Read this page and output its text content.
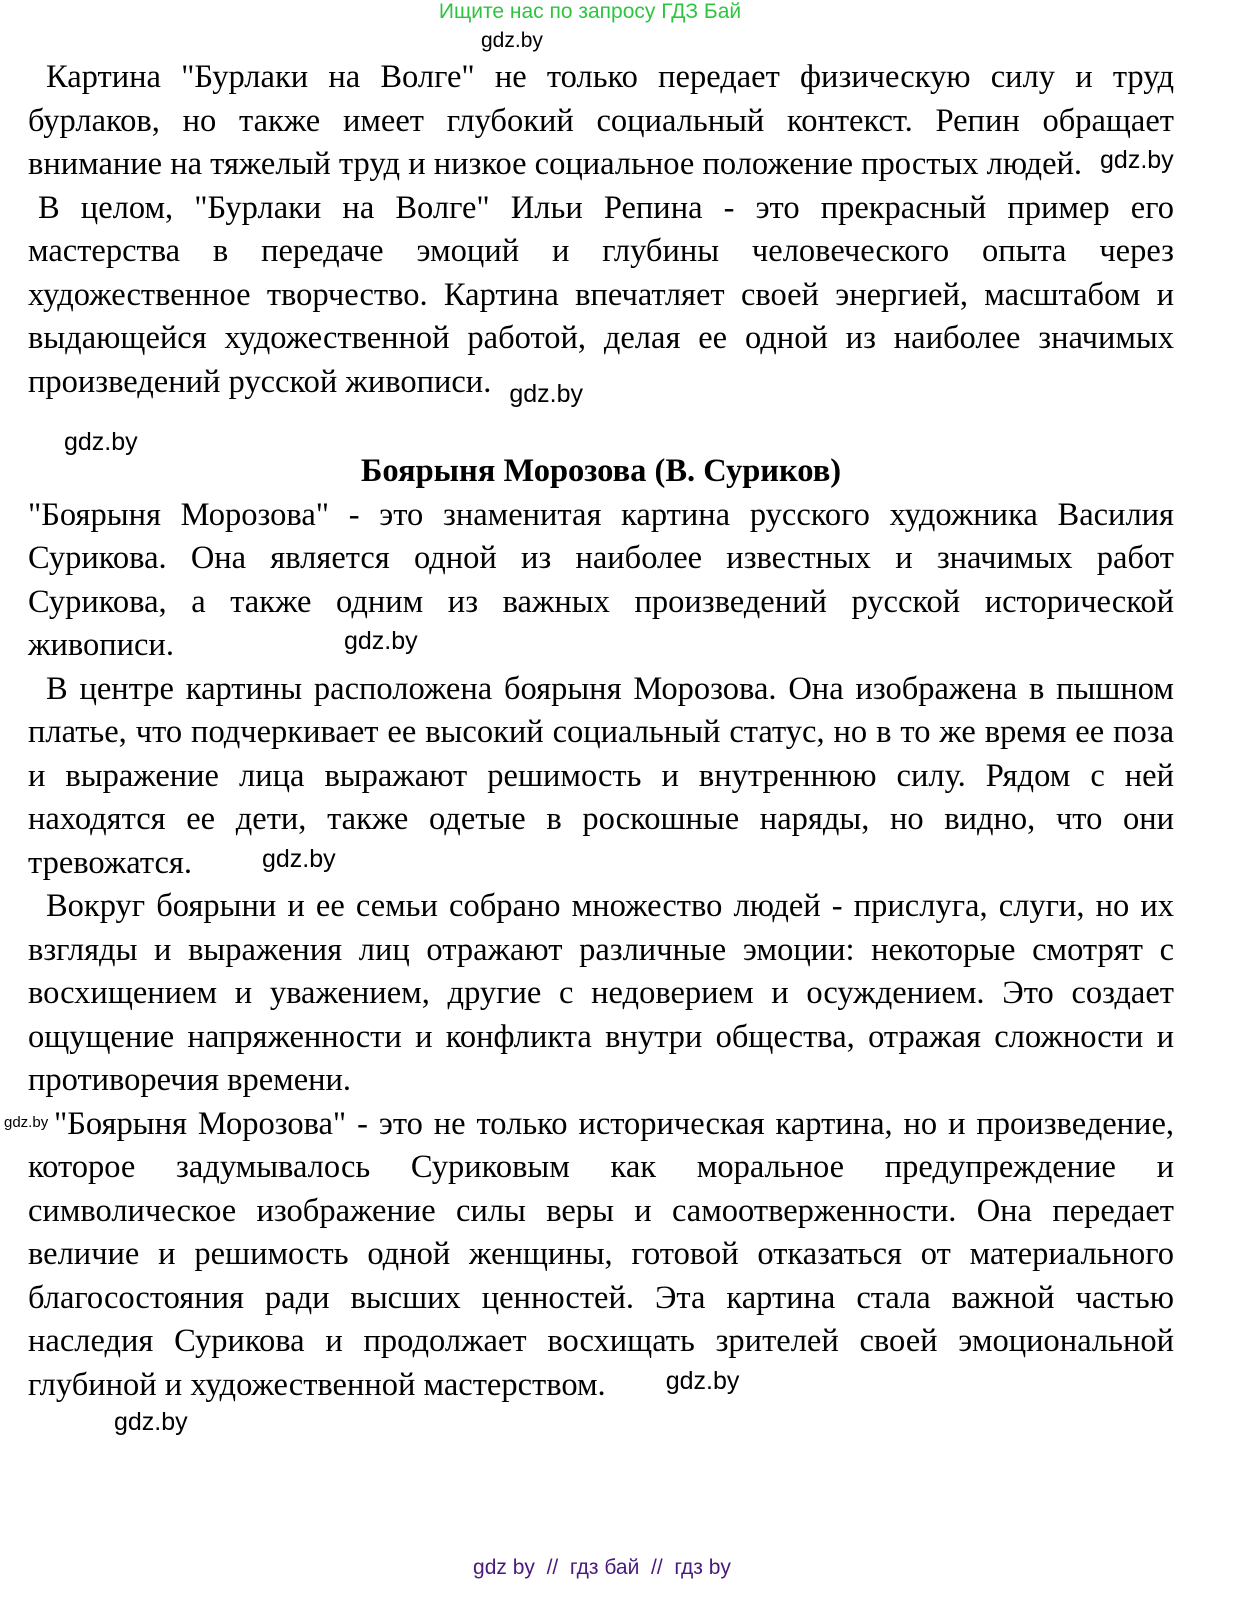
Ищите нас по запросу ГДЗ Бай
gdz.by

Картина "Бурлаки на Волге" не только передает физическую силу и труд бурлаков, но также имеет глубокий социальный контекст. Репин обращает внимание на тяжелый труд и низкое социальное положение простых людей. gdz.by

В целом, "Бурлаки на Волге" Ильи Репина - это прекрасный пример его мастерства в передаче эмоций и глубины человеческого опыта через художественное творчество. Картина впечатляет своей энергией, масштабом и выдающейся художественной работой, делая ее одной из наиболее значимых произведений русской живописи. gdz.by

gdz.by
Боярыня Морозова (В. Суриков)

"Боярыня Морозова" - это знаменитая картина русского художника Василия Сурикова. Она является одной из наиболее известных и значимых работ Сурикова, а также одним из важных произведений русской исторической живописи.	gdz.by

В центре картины расположена боярыня Морозова. Она изображена в пышном платье, что подчеркивает ее высокий социальный статус, но в то же время ее поза и выражение лица выражают решимость и внутреннюю силу. Рядом с ней находятся ее дети, также одетые в роскошные наряды, но видно, что они тревожатся.	gdz.by

Вокруг боярыни и ее семьи собрано множество людей - прислуга, слуги, но их взгляды и выражения лиц отражают различные эмоции: некоторые смотрят с восхищением и уважением, другие с недоверием и осуждением. Это создает ощущение напряженности и конфликта внутри общества, отражая сложности и противоречия времени.

gdz.by "Боярыня Морозова" - это не только историческая картина, но и произведение, которое задумывалось Суриковым как моральное предупреждение и символическое изображение силы веры и самоотверженности. Она передает величие и решимость одной женщины, готовой отказаться от материального благосостояния ради высших ценностей. Эта картина стала важной частью наследия Сурикова и продолжает восхищать зрителей своей эмоциональной глубиной и художественной мастерством. gdz.by

gdz.by
gdz by  //  гдз бай  //  гдз by
